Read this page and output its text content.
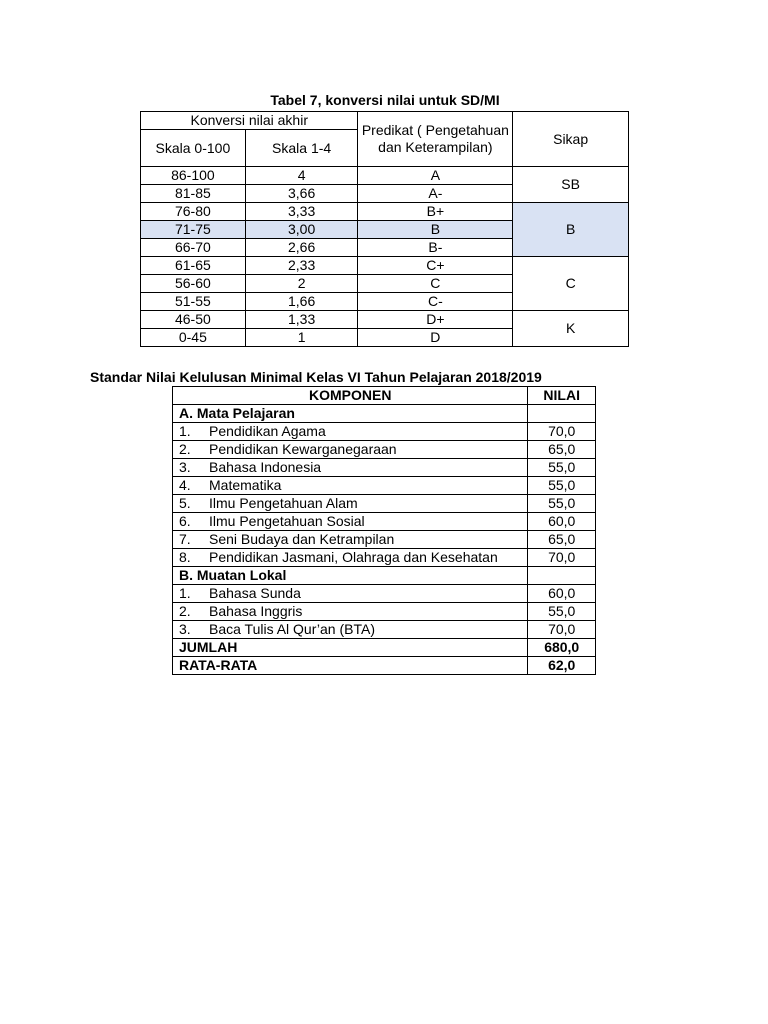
Tabel 7, konversi nilai untuk SD/MI
Konversi nilai akhir		Predikat ( Pengetahuan dan Keterampilan)	Sikap
Skala 0-100	Skala 1-4		
86-100	4	A	SB
81-85	3,66	A-	
76-80	3,33	B+	B
71-75	3,00	B	
66-70	2,66	B-	
61-65	2,33	C+	C
56-60	2	C	
51-55	1,66	C-	
46-50	1,33	D+	K
0-45	1	D	
Standar Nilai Kelulusan Minimal Kelas VI Tahun Pelajaran 2018/2019
KOMPONEN	NILAI
A. Mata Pelajaran	
1. Pendidikan Agama	70,0
2. Pendidikan Kewarganegaraan	65,0
3. Bahasa Indonesia	55,0
4. Matematika	55,0
5. Ilmu Pengetahuan Alam	55,0
6. Ilmu Pengetahuan Sosial	60,0
7. Seni Budaya dan Ketrampilan	65,0
8. Pendidikan Jasmani, Olahraga dan Kesehatan	70,0
B. Muatan Lokal	
1. Bahasa Sunda	60,0
2. Bahasa Inggris	55,0
3. Baca Tulis Al Qur’an (BTA)	70,0
JUMLAH	680,0
RATA-RATA	62,0
